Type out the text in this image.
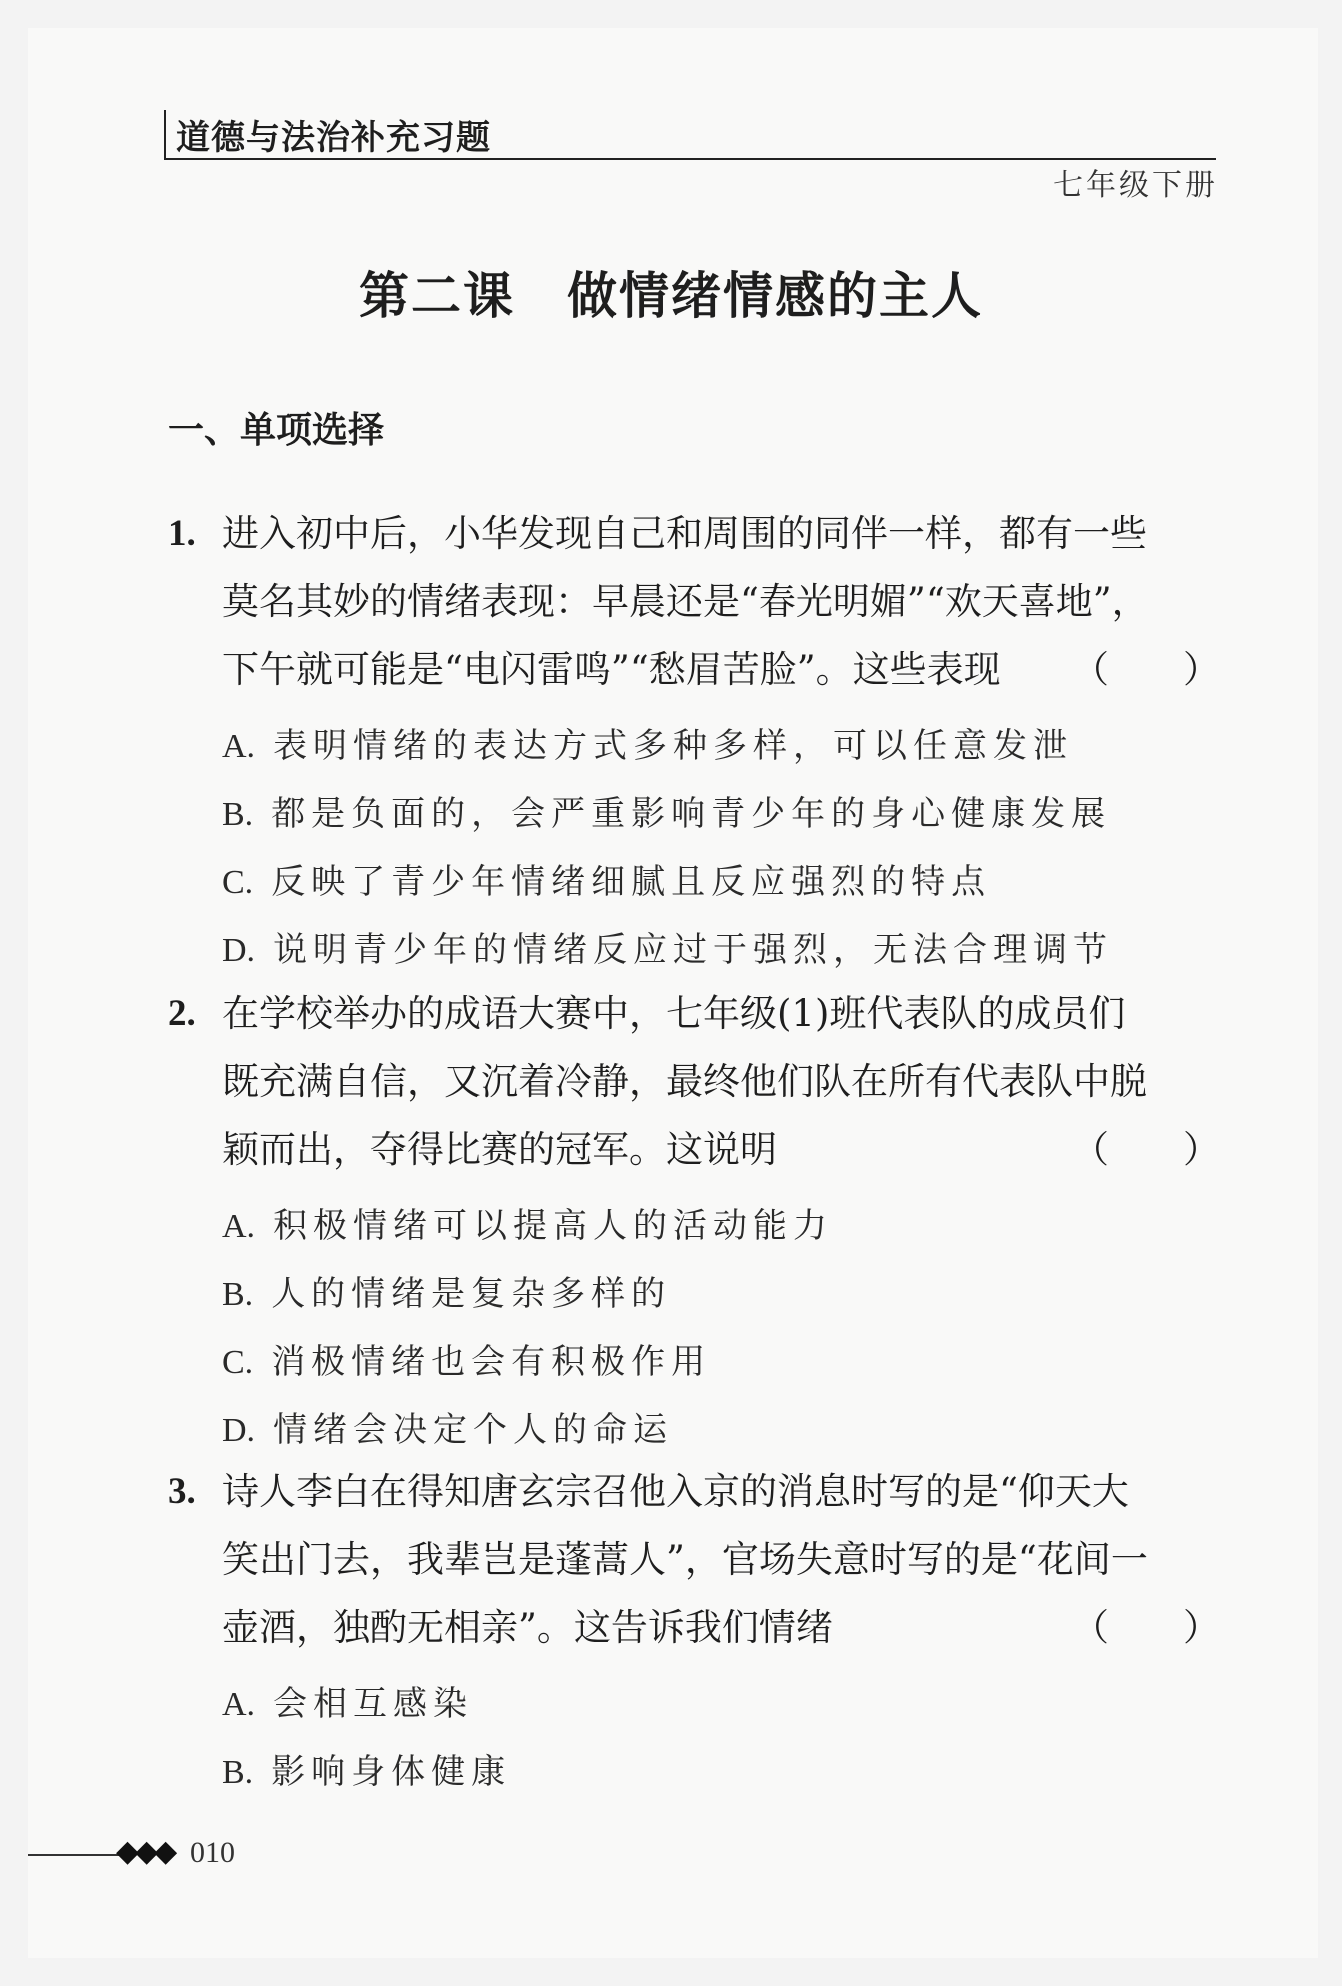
道德与法治补充习题
七年级下册
第二课 做情绪情感的主人
一、单项选择
1. 进入初中后，小华发现自己和周围的同伴一样，都有一些
莫名其妙的情绪表现：早晨还是“春光明媚”“欢天喜地”，
下午就可能是“电闪雷鸣”“愁眉苦脸”。这些表现 （　　）
A. 表明情绪的表达方式多种多样，可以任意发泄
B. 都是负面的，会严重影响青少年的身心健康发展
C. 反映了青少年情绪细腻且反应强烈的特点
D. 说明青少年的情绪反应过于强烈，无法合理调节
2. 在学校举办的成语大赛中，七年级(1)班代表队的成员们
既充满自信，又沉着冷静，最终他们队在所有代表队中脱
颖而出，夺得比赛的冠军。这说明	（　　）
A. 积极情绪可以提高人的活动能力
B. 人的情绪是复杂多样的
C. 消极情绪也会有积极作用
D. 情绪会决定个人的命运
3. 诗人李白在得知唐玄宗召他入京的消息时写的是“仰天大
笑出门去，我辈岂是蓬蒿人”，官场失意时写的是“花间一
壶酒，独酌无相亲”。这告诉我们情绪	（　　）
A. 会相互感染
B. 影响身体健康
◆◆◆ 010
